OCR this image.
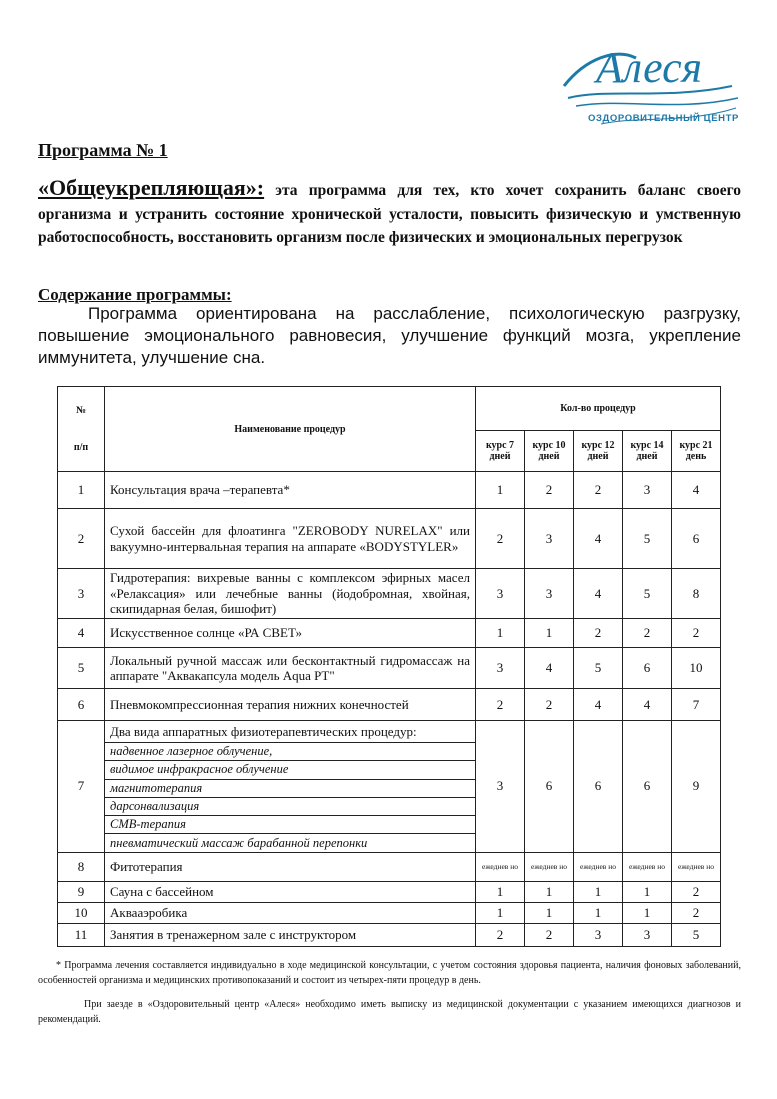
Алеся
ОЗДОРОВИТЕЛЬНЫЙ ЦЕНТР
Программа № 1
«Общеукрепляющая»: эта программа для тех, кто хочет сохранить баланс своего организма и устранить состояние хронической усталости, повысить физическую и умственную работоспособность, восстановить организм после физических и эмоциональных перегрузок
Содержание программы:
Программа ориентирована на расслабление, психологическую разгрузку, повышение эмоционального равновесия, улучшение функций мозга, укрепление иммунитета, улучшение сна.
№
п/п	Наименование процедур	Кол-во процедур				
		курс 7 дней	курс 10 дней	курс 12 дней	курс 14 дней	курс 21 день
1	Консультация врача –терапевта*	1	2	2	3	4
2	Сухой бассейн для флоатинга "ZEROBODY NURELAX" или вакуумно-интервальная терапия на аппарате «BODYSTYLER»	2	3	4	5	6
3	Гидротерапия: вихревые ванны с комплексом эфирных масел «Релаксация» или лечебные ванны (йодобромная, хвойная, скипидарная белая, бишофит)	3	3	4	5	8
4	Искусственное солнце «РА СВЕТ»	1	1	2	2	2
5	Локальный ручной массаж или бесконтактный гидромассаж на аппарате "Аквакапсула модель Aqua PT"	3	4	5	6	10
6	Пневмокомпрессионная терапия нижних конечностей	2	2	4	4	7
7	Два вида аппаратных физиотерапевтических процедур:	3	6	6	6	9
	надвенное лазерное облучение,					
	видимое инфракрасное облучение					
	магнитотерапия					
	дарсонвализация					
	СМВ-терапия					
	пневматический массаж барабанной перепонки					
8	Фитотерапия	ежеднев но	ежеднев но	ежеднев но	ежеднев но	ежеднев но
9	Сауна с бассейном	1	1	1	1	2
10	Аквааэробика	1	1	1	1	2
11	Занятия в тренажерном зале с инструктором	2	2	3	3	5
* Программа лечения составляется индивидуально в ходе медицинской консультации, с учетом состояния здоровья пациента, наличия фоновых заболеваний, особенностей организма и медицинских противопоказаний и состоит из четырех-пяти процедур в день.
При заезде в «Оздоровительный центр «Алеся» необходимо иметь выписку из медицинской документации с указанием имеющихся диагнозов и рекомендаций.
